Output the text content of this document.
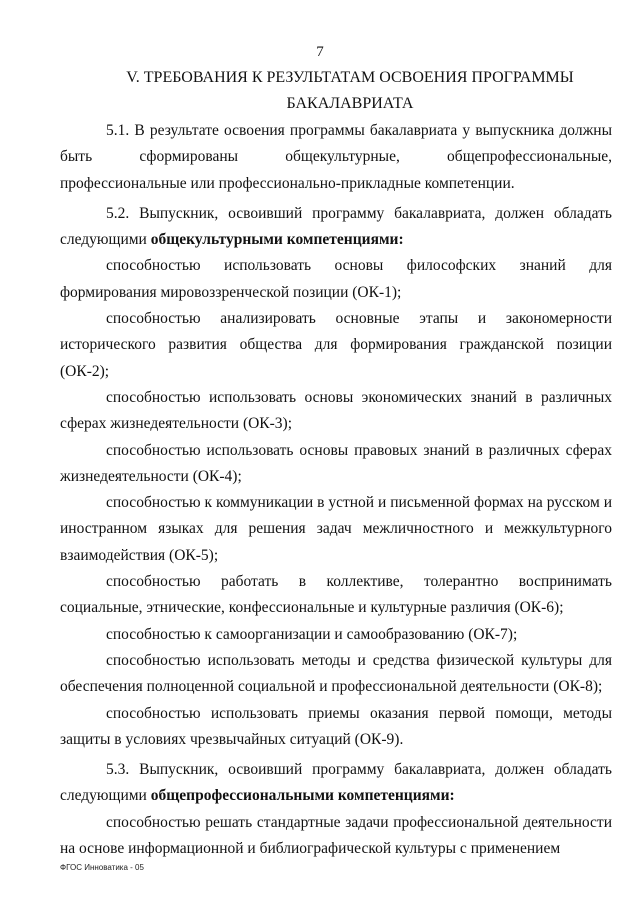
7
V. ТРЕБОВАНИЯ К РЕЗУЛЬТАТАМ ОСВОЕНИЯ ПРОГРАММЫ
БАКАЛАВРИАТА

5.1. В результате освоения программы бакалавриата у выпускника должны быть сформированы общекультурные, общепрофессиональные, профессиональные или профессионально-прикладные компетенции.

5.2. Выпускник, освоивший программу бакалавриата, должен обладать следующими общекультурными компетенциями:

способностью использовать основы философских знаний для формирования мировоззренческой позиции (ОК-1);

способностью анализировать основные этапы и закономерности исторического развития общества для формирования гражданской позиции (ОК-2);

способностью использовать основы экономических знаний в различных сферах жизнедеятельности (ОК-3);

способностью использовать основы правовых знаний в различных сферах жизнедеятельности (ОК-4);

способностью к коммуникации в устной и письменной формах на русском и иностранном языках для решения задач межличностного и межкультурного взаимодействия (ОК-5);

способностью работать в коллективе, толерантно воспринимать социальные, этнические, конфессиональные и культурные различия (ОК-6);

способностью к самоорганизации и самообразованию (ОК-7);

способностью использовать методы и средства физической культуры для обеспечения полноценной социальной и профессиональной деятельности (ОК-8);

способностью использовать приемы оказания первой помощи, методы защиты в условиях чрезвычайных ситуаций (ОК-9).

5.3. Выпускник, освоивший программу бакалавриата, должен обладать следующими общепрофессиональными компетенциями:

способностью решать стандартные задачи профессиональной деятельности на основе информационной и библиографической культуры с применением

ФГОС Инноватика - 05
